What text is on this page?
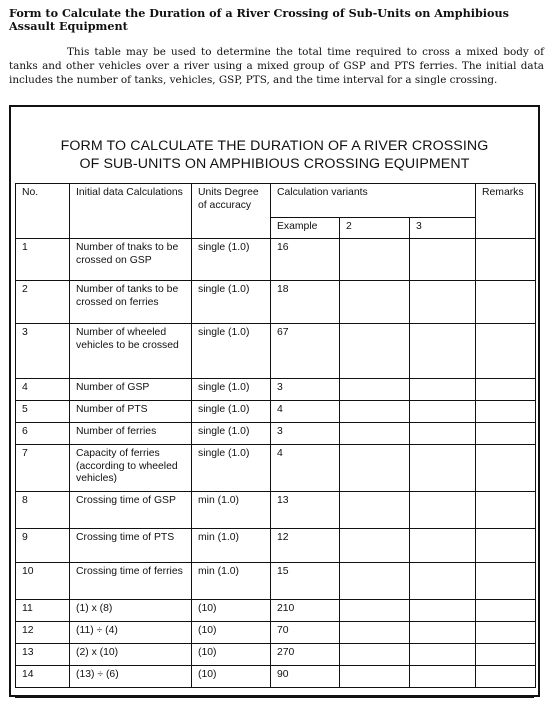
Form to Calculate the Duration of a River Crossing of Sub-Units on Amphibious Assault Equipment
This table may be used to determine the total time required to cross a mixed body of tanks and other vehicles over a river using a mixed group of GSP and PTS ferries. The initial data includes the number of tanks, vehicles, GSP, PTS, and the time interval for a single crossing.
FORM TO CALCULATE THE DURATION OF A RIVER CROSSING
OF SUB-UNITS ON AMPHIBIOUS CROSSING EQUIPMENT
No.	Initial data Calculations	Units Degree of accuracy	Calculation variants			Remarks
			Example	2	3	
1	Number of tnaks to be crossed on GSP	single (1.0)	16			
2	Number of tanks to be crossed on ferries	single (1.0)	18			
3	Number of wheeled vehicles to be crossed	single (1.0)	67			
4	Number of GSP	single (1.0)	3			
5	Number of PTS	single (1.0)	4			
6	Number of ferries	single (1.0)	3			
7	Capacity of ferries (according to wheeled vehicles)	single (1.0)	4			
8	Crossing time of GSP	min (1.0)	13			
9	Crossing time of PTS	min (1.0)	12			
10	Crossing time of ferries	min (1.0)	15			
11	(1) x (8)	(10)	210			
12	(11) ÷ (4)	(10)	70			
13	(2) x (10)	(10)	270			
14	(13) ÷ (6)	(10)	90			
